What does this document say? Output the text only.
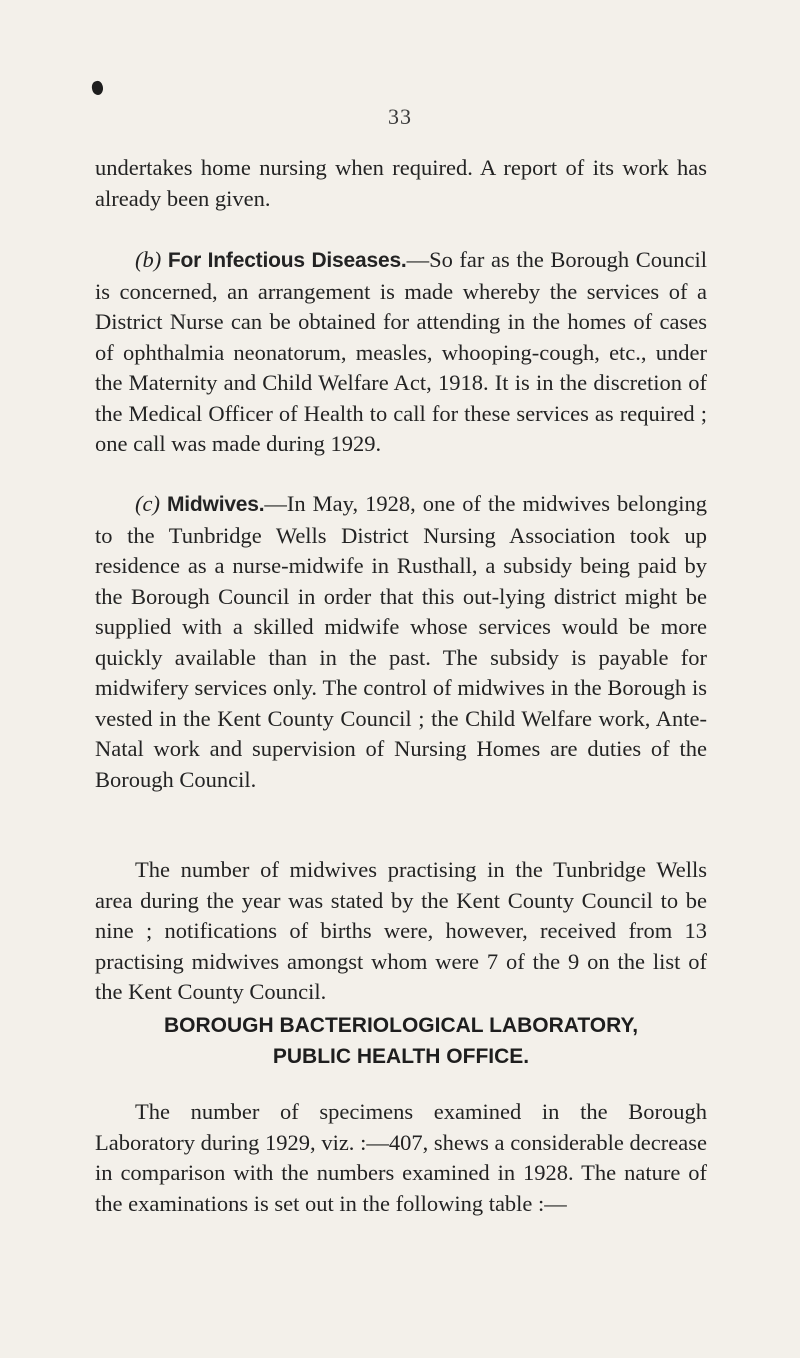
33

undertakes home nursing when required. A report of its work has already been given.

(b) For Infectious Diseases.—So far as the Borough Council is concerned, an arrangement is made whereby the services of a District Nurse can be obtained for attending in the homes of cases of ophthalmia neonatorum, measles, whooping-cough, etc., under the Maternity and Child Welfare Act, 1918. It is in the discretion of the Medical Officer of Health to call for these services as required ; one call was made during 1929.

(c) Midwives.—In May, 1928, one of the midwives belonging to the Tunbridge Wells District Nursing Association took up residence as a nurse-midwife in Rusthall, a subsidy being paid by the Borough Council in order that this out-lying district might be supplied with a skilled midwife whose services would be more quickly available than in the past. The subsidy is payable for midwifery services only. The control of midwives in the Borough is vested in the Kent County Council ; the Child Welfare work, Ante-Natal work and supervision of Nursing Homes are duties of the Borough Council.

The number of midwives practising in the Tunbridge Wells area during the year was stated by the Kent County Council to be nine ; notifications of births were, however, received from 13 practising midwives amongst whom were 7 of the 9 on the list of the Kent County Council.

BOROUGH BACTERIOLOGICAL LABORATORY,
PUBLIC HEALTH OFFICE.

The number of specimens examined in the Borough Laboratory during 1929, viz. :—407, shews a considerable decrease in comparison with the numbers examined in 1928. The nature of the examinations is set out in the following table :—
